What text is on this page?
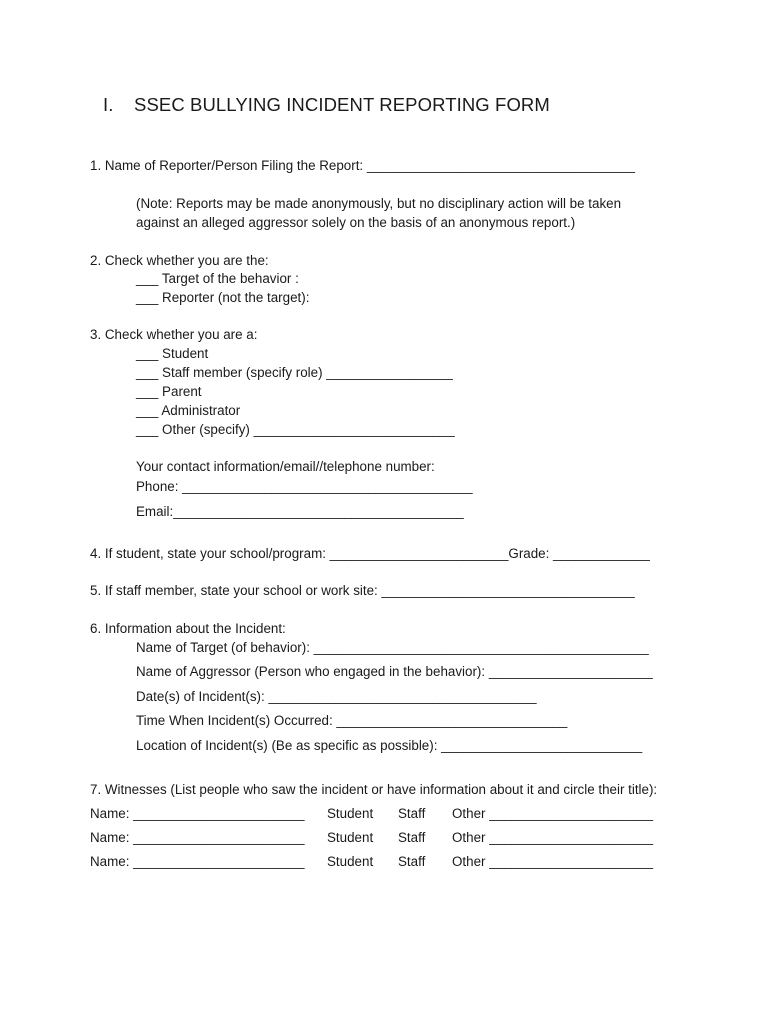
I. SSEC BULLYING INCIDENT REPORTING FORM
1. Name of Reporter/Person Filing the Report: ____________________________________
(Note: Reports may be made anonymously, but no disciplinary action will be taken
against an alleged aggressor solely on the basis of an anonymous report.)
2. Check whether you are the:
___ Target of the behavior :
___ Reporter (not the target):
3. Check whether you are a:
___ Student
___ Staff member (specify role) _________________
___ Parent
___ Administrator
___ Other (specify) ___________________________
Your contact information/email//telephone number:
Phone: _______________________________________
Email:_______________________________________
4. If student, state your school/program: ________________________Grade: _____________
5. If staff member, state your school or work site: __________________________________
6. Information about the Incident:
Name of Target (of behavior): _____________________________________________
Name of Aggressor (Person who engaged in the behavior): ______________________
Date(s) of Incident(s): ____________________________________
Time When Incident(s) Occurred: _______________________________
Location of Incident(s) (Be as specific as possible): ___________________________
7. Witnesses (List people who saw the incident or have information about it and circle their title):
Name: _______________________ Student Staff Other ______________________
Name: _______________________ Student Staff Other ______________________
Name: _______________________ Student Staff Other ______________________
